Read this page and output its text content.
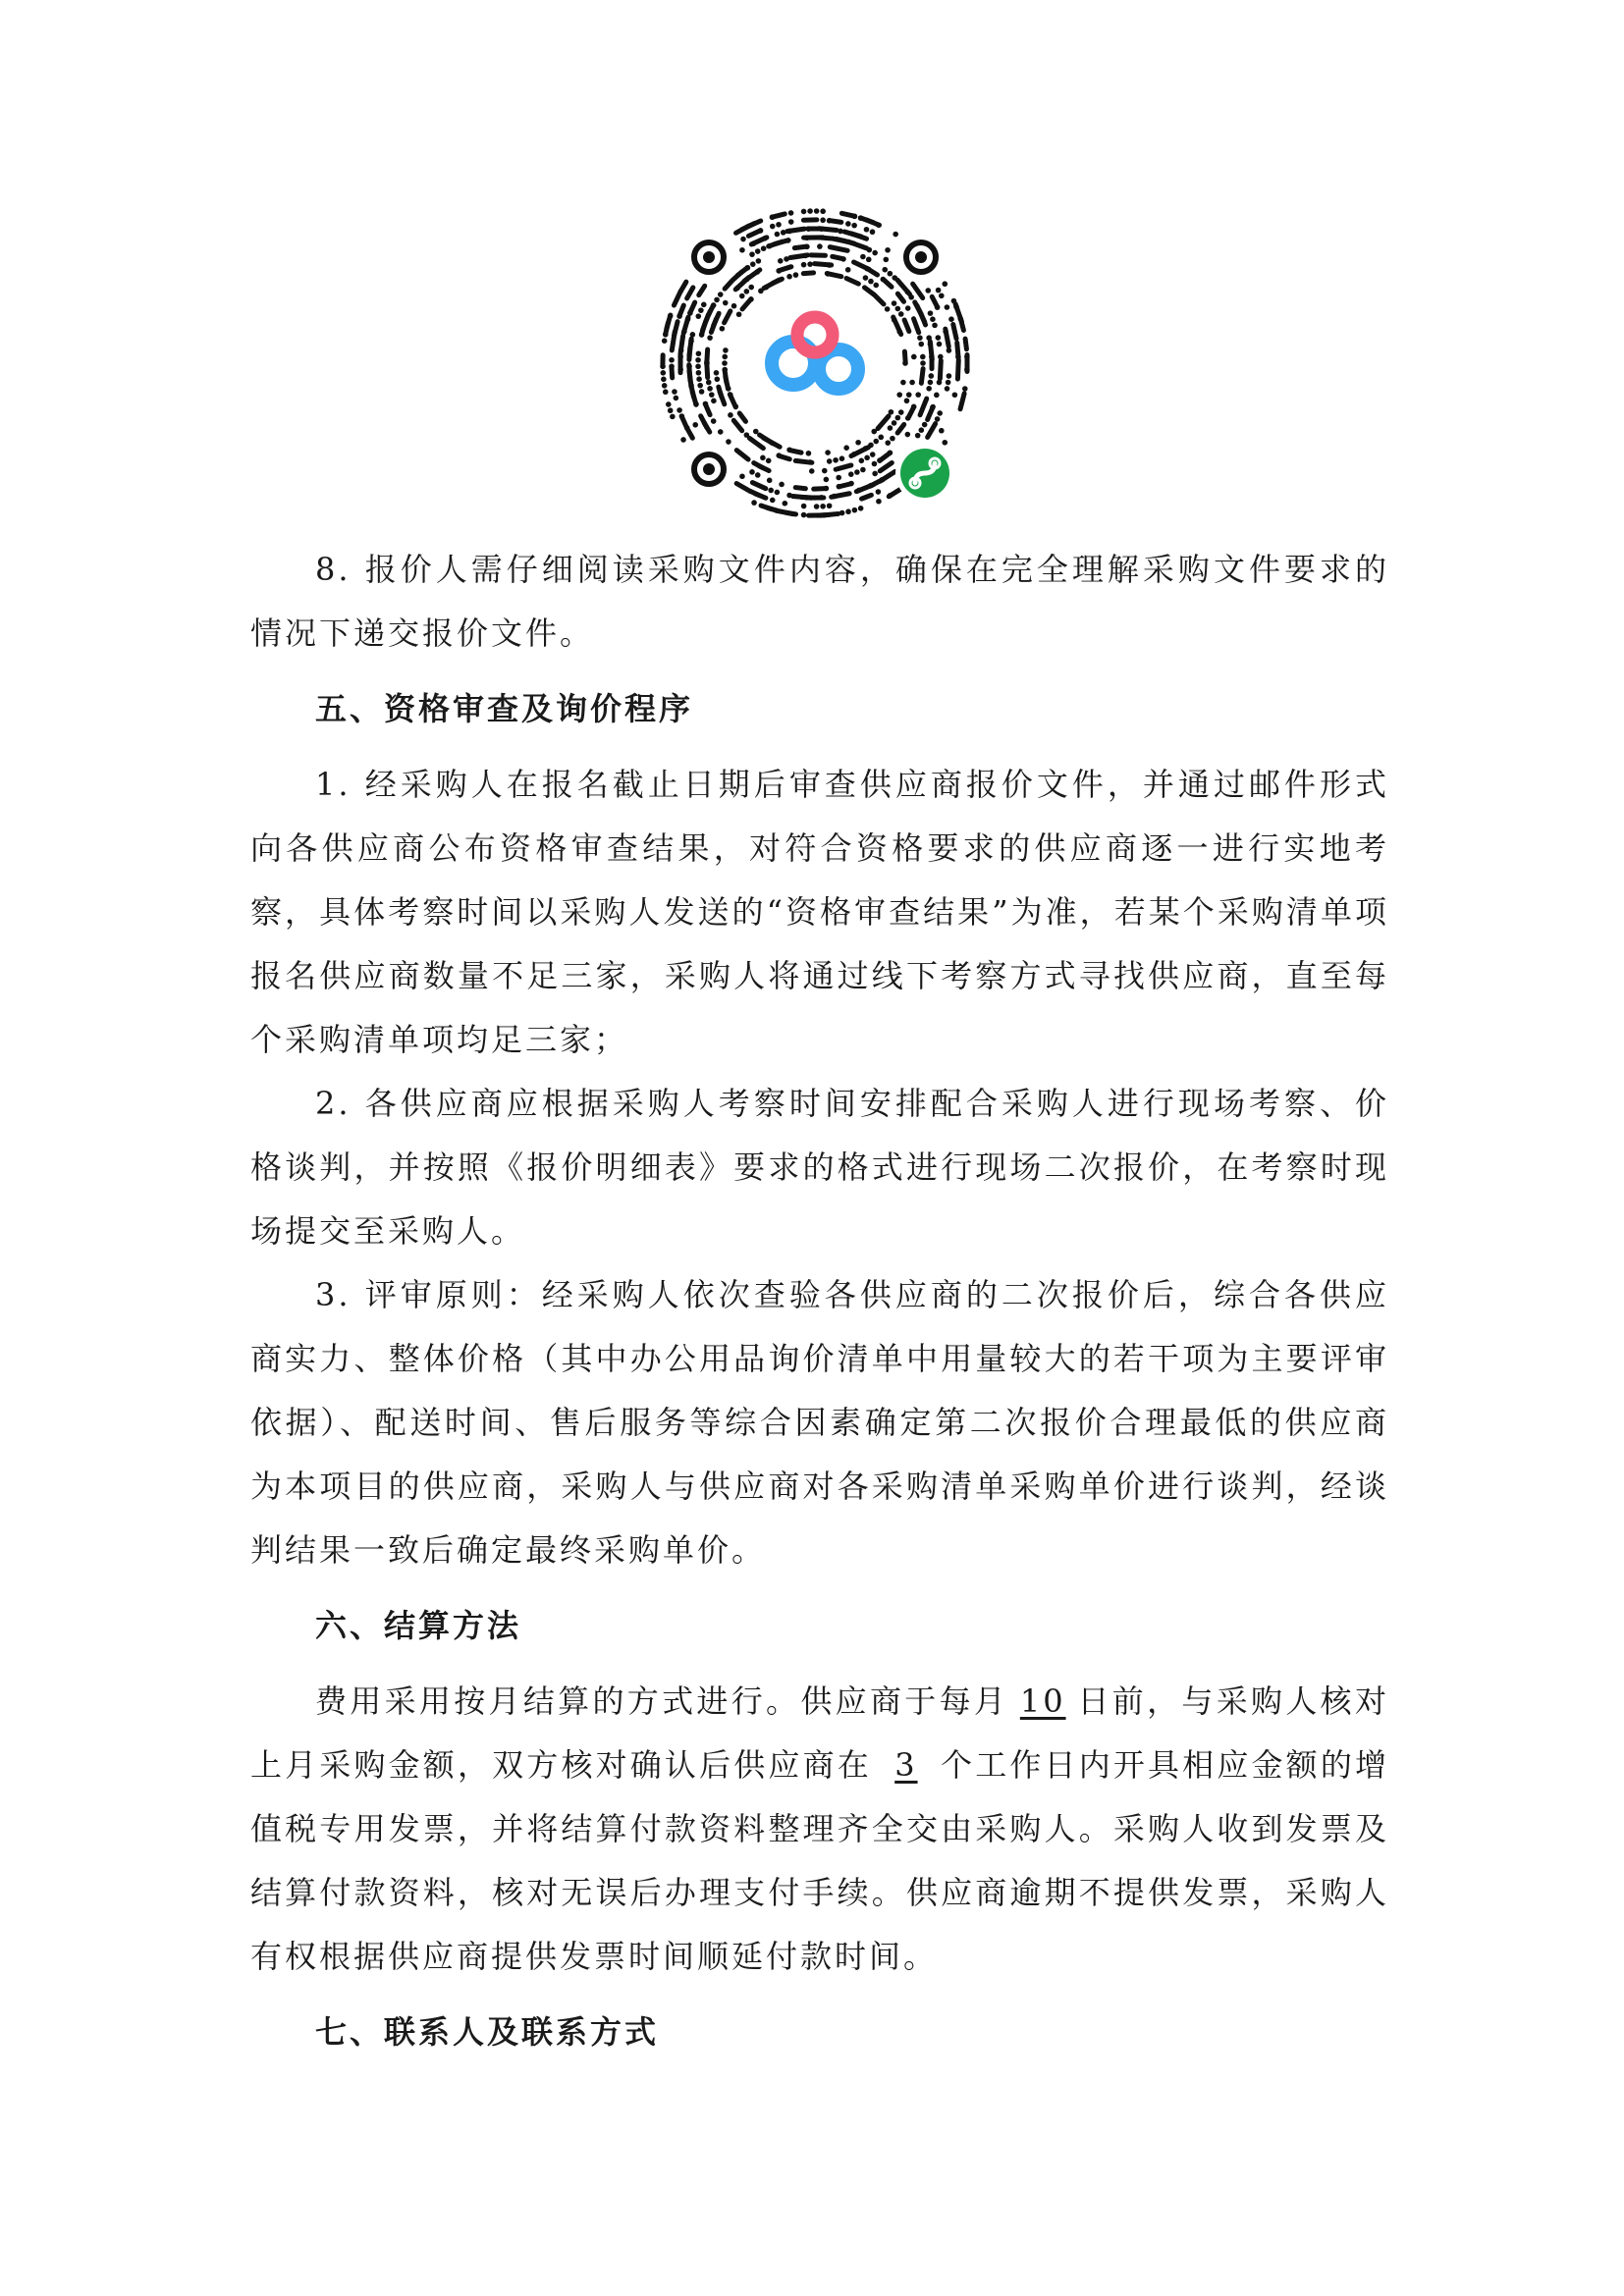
8. 报价人需仔细阅读采购文件内容，确保在完全理解采购文件要求的情况下递交报价文件。

五、资格审查及询价程序

1. 经采购人在报名截止日期后审查供应商报价文件，并通过邮件形式向各供应商公布资格审查结果，对符合资格要求的供应商逐一进行实地考察，具体考察时间以采购人发送的“资格审查结果”为准，若某个采购清单项报名供应商数量不足三家，采购人将通过线下考察方式寻找供应商，直至每个采购清单项均足三家；

2. 各供应商应根据采购人考察时间安排配合采购人进行现场考察、价格谈判，并按照《报价明细表》要求的格式进行现场二次报价，在考察时现场提交至采购人。

3. 评审原则：经采购人依次查验各供应商的二次报价后，综合各供应商实力、整体价格（其中办公用品询价清单中用量较大的若干项为主要评审依据）、配送时间、售后服务等综合因素确定第二次报价合理最低的供应商为本项目的供应商，采购人与供应商对各采购清单采购单价进行谈判，经谈判结果一致后确定最终采购单价。

六、结算方法

费用采用按月结算的方式进行。供应商于每月 10 日前，与采购人核对上月采购金额，双方核对确认后供应商在 3 个工作日内开具相应金额的增值税专用发票，并将结算付款资料整理齐全交由采购人。采购人收到发票及结算付款资料，核对无误后办理支付手续。供应商逾期不提供发票，采购人有权根据供应商提供发票时间顺延付款时间。

七、联系人及联系方式
